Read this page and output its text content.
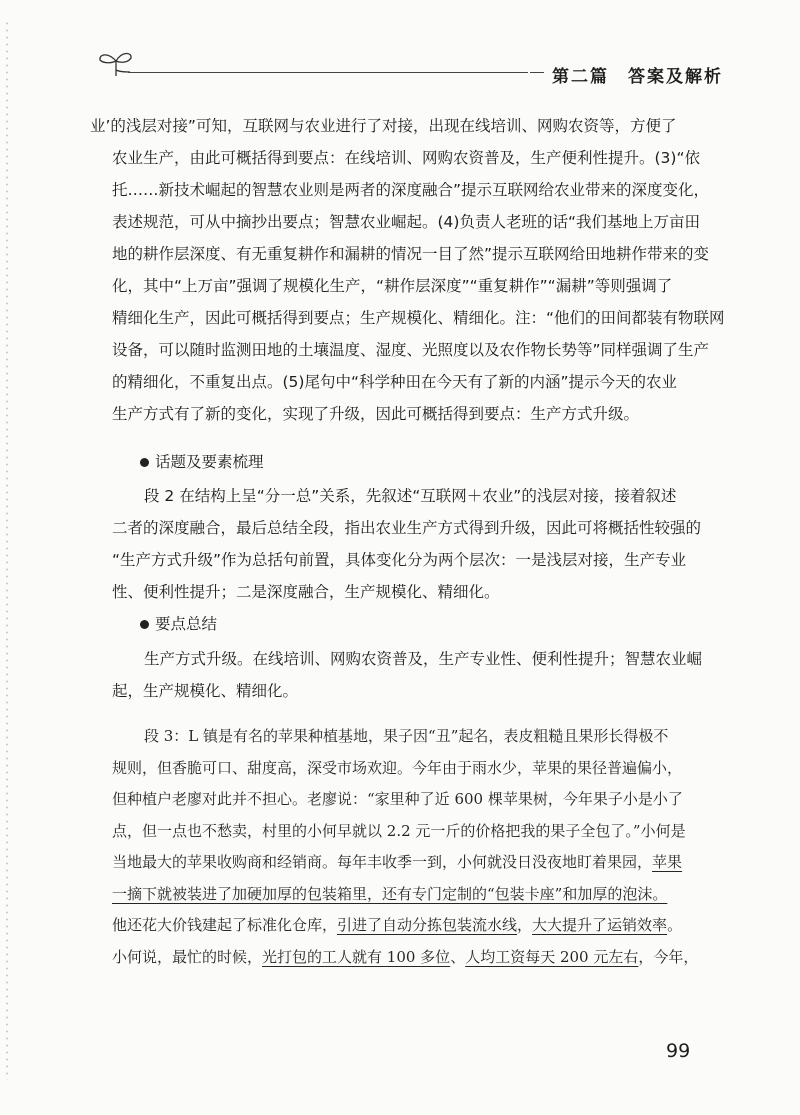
第二篇　答案及解析
业’的浅层对接”可知，互联网与农业进行了对接，出现在线培训、网购农资等，方便了
农业生产，由此可概括得到要点：在线培训、网购农资普及，生产便利性提升。(3)“依
托……新技术崛起的智慧农业则是两者的深度融合”提示互联网给农业带来的深度变化，
表述规范，可从中摘抄出要点；智慧农业崛起。(4)负责人老班的话“我们基地上万亩田
地的耕作层深度、有无重复耕作和漏耕的情况一目了然”提示互联网给田地耕作带来的变
化，其中“上万亩”强调了规模化生产，“耕作层深度”“重复耕作”“漏耕”等则强调了
精细化生产，因此可概括得到要点；生产规模化、精细化。注：“他们的田间都装有物联网
设备，可以随时监测田地的土壤温度、湿度、光照度以及农作物长势等”同样强调了生产
的精细化，不重复出点。(5)尾句中“科学种田在今天有了新的内涵”提示今天的农业
生产方式有了新的变化，实现了升级，因此可概括得到要点：生产方式升级。
话题及要素梳理
段 2 在结构上呈“分一总”关系，先叙述“互联网＋农业”的浅层对接，接着叙述
二者的深度融合，最后总结全段，指出农业生产方式得到升级，因此可将概括性较强的
“生产方式升级”作为总括句前置，具体变化分为两个层次：一是浅层对接，生产专业
性、便利性提升；二是深度融合，生产规模化、精细化。
要点总结
生产方式升级。在线培训、网购农资普及，生产专业性、便利性提升；智慧农业崛
起，生产规模化、精细化。
段 3：L 镇是有名的苹果种植基地，果子因“丑”起名，表皮粗糙且果形长得极不
规则，但香脆可口、甜度高，深受市场欢迎。今年由于雨水少，苹果的果径普遍偏小，
但种植户老廖对此并不担心。老廖说：“家里种了近 600 棵苹果树，今年果子小是小了
点，但一点也不愁卖，村里的小何早就以 2.2 元一斤的价格把我的果子全包了。”小何是
当地最大的苹果收购商和经销商。每年丰收季一到，小何就没日没夜地盯着果园，苹果
一摘下就被装进了加硬加厚的包装箱里，还有专门定制的“包装卡座”和加厚的泡沫。
他还花大价钱建起了标准化仓库，引进了自动分拣包装流水线，大大提升了运销效率。
小何说，最忙的时候，光打包的工人就有 100 多位、人均工资每天 200 元左右，今年，
99
